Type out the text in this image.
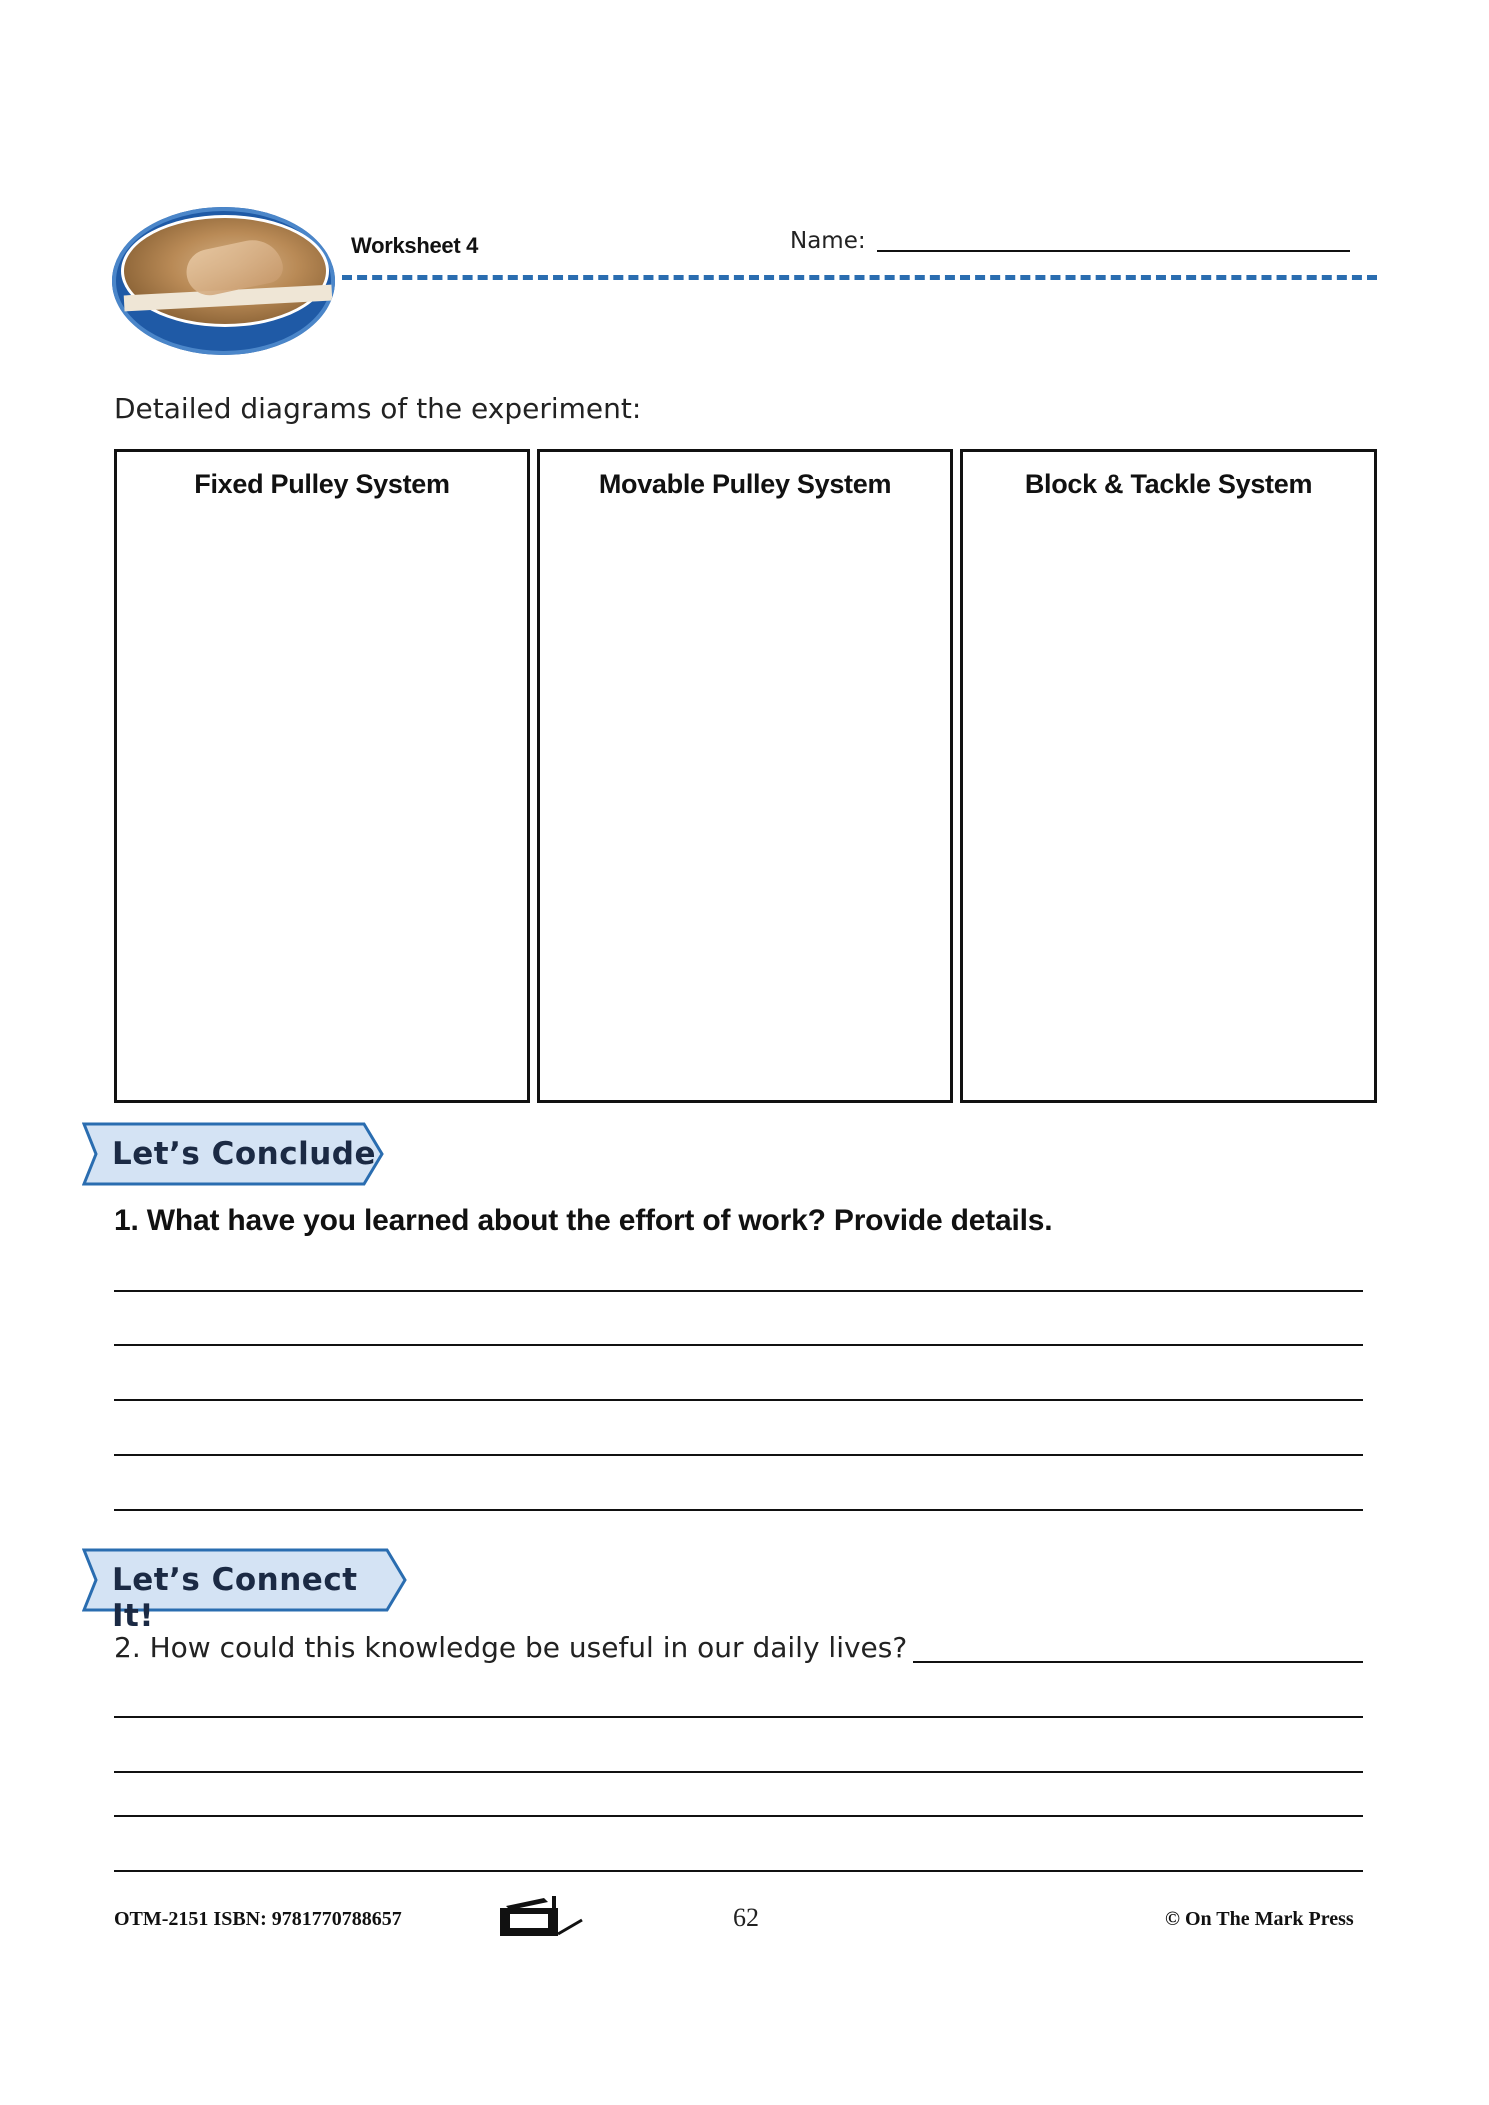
Worksheet 4	Name:
Detailed diagrams of the experiment:
Fixed Pulley System	Movable Pulley System	Block & Tackle System
Let’s Conclude
1. What have you learned about the effort of work? Provide details.
Let’s Connect It!
2. How could this knowledge be useful in our daily lives?
OTM-2151 ISBN: 9781770788657	62	© On The Mark Press
